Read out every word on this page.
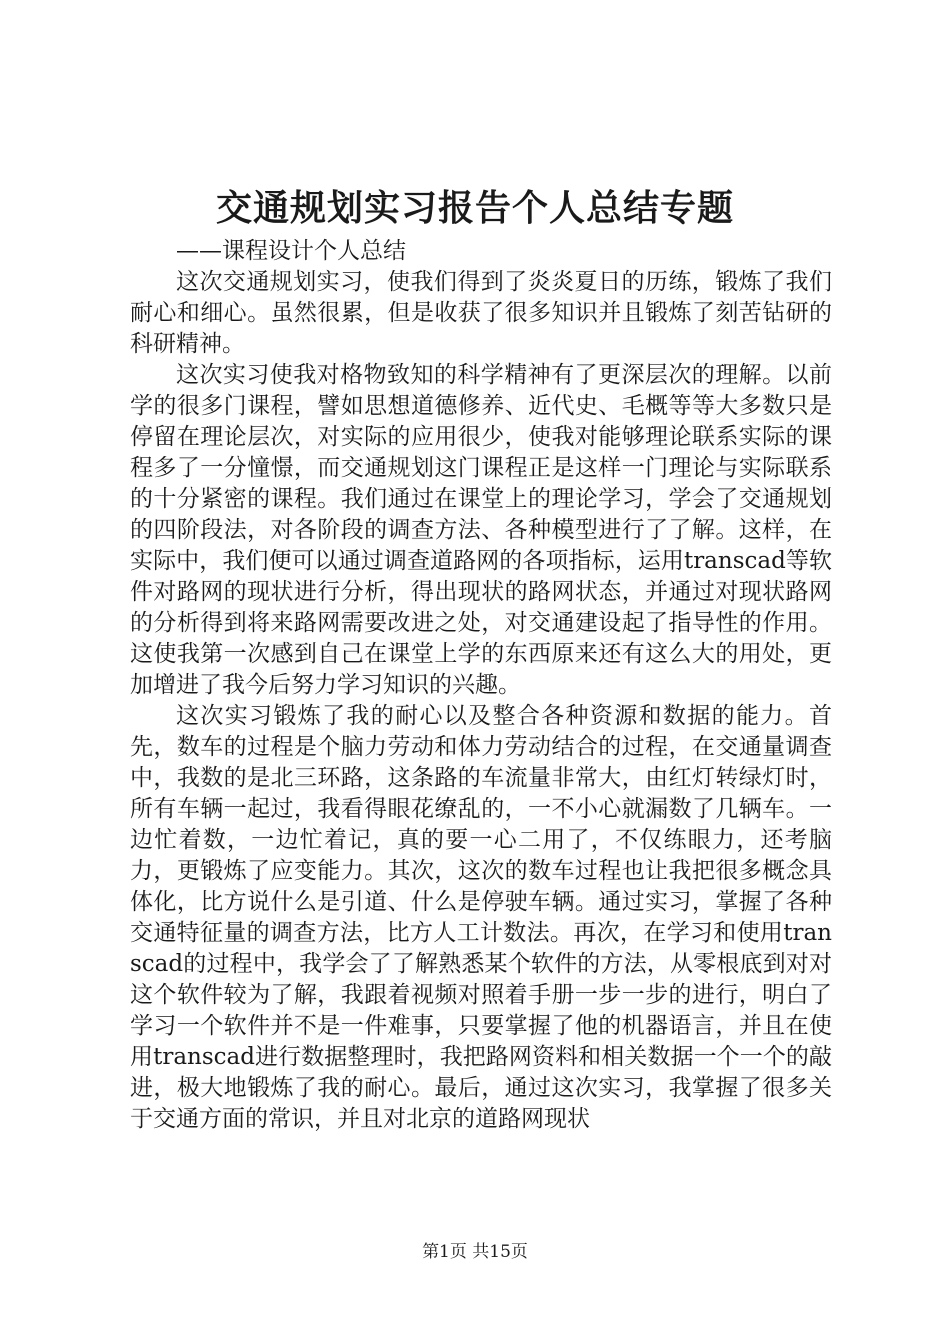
交通规划实习报告个人总结专题

——课程设计个人总结

这次交通规划实习，使我们得到了炎炎夏日的历练，锻炼了我们耐心和细心。虽然很累，但是收获了很多知识并且锻炼了刻苦钻研的科研精神。

这次实习使我对格物致知的科学精神有了更深层次的理解。以前学的很多门课程，譬如思想道德修养、近代史、毛概等等大多数只是停留在理论层次，对实际的应用很少，使我对能够理论联系实际的课程多了一分憧憬，而交通规划这门课程正是这样一门理论与实际联系的十分紧密的课程。我们通过在课堂上的理论学习，学会了交通规划的四阶段法，对各阶段的调查方法、各种模型进行了了解。这样，在实际中，我们便可以通过调查道路网的各项指标，运用transcad等软件对路网的现状进行分析，得出现状的路网状态，并通过对现状路网的分析得到将来路网需要改进之处，对交通建设起了指导性的作用。这使我第一次感到自己在课堂上学的东西原来还有这么大的用处，更加增进了我今后努力学习知识的兴趣。

这次实习锻炼了我的耐心以及整合各种资源和数据的能力。首先，数车的过程是个脑力劳动和体力劳动结合的过程，在交通量调查中，我数的是北三环路，这条路的车流量非常大，由红灯转绿灯时，所有车辆一起过，我看得眼花缭乱的，一不小心就漏数了几辆车。一边忙着数，一边忙着记，真的要一心二用了，不仅练眼力，还考脑力，更锻炼了应变能力。其次，这次的数车过程也让我把很多概念具体化，比方说什么是引道、什么是停驶车辆。通过实习，掌握了各种交通特征量的调查方法，比方人工计数法。再次，在学习和使用transcad的过程中，我学会了了解熟悉某个软件的方法，从零根底到对对这个软件较为了解，我跟着视频对照着手册一步一步的进行，明白了学习一个软件并不是一件难事，只要掌握了他的机器语言，并且在使用transcad进行数据整理时，我把路网资料和相关数据一个一个的敲进，极大地锻炼了我的耐心。最后，通过这次实习，我掌握了很多关于交通方面的常识，并且对北京的道路网现状

第1页 共15页
